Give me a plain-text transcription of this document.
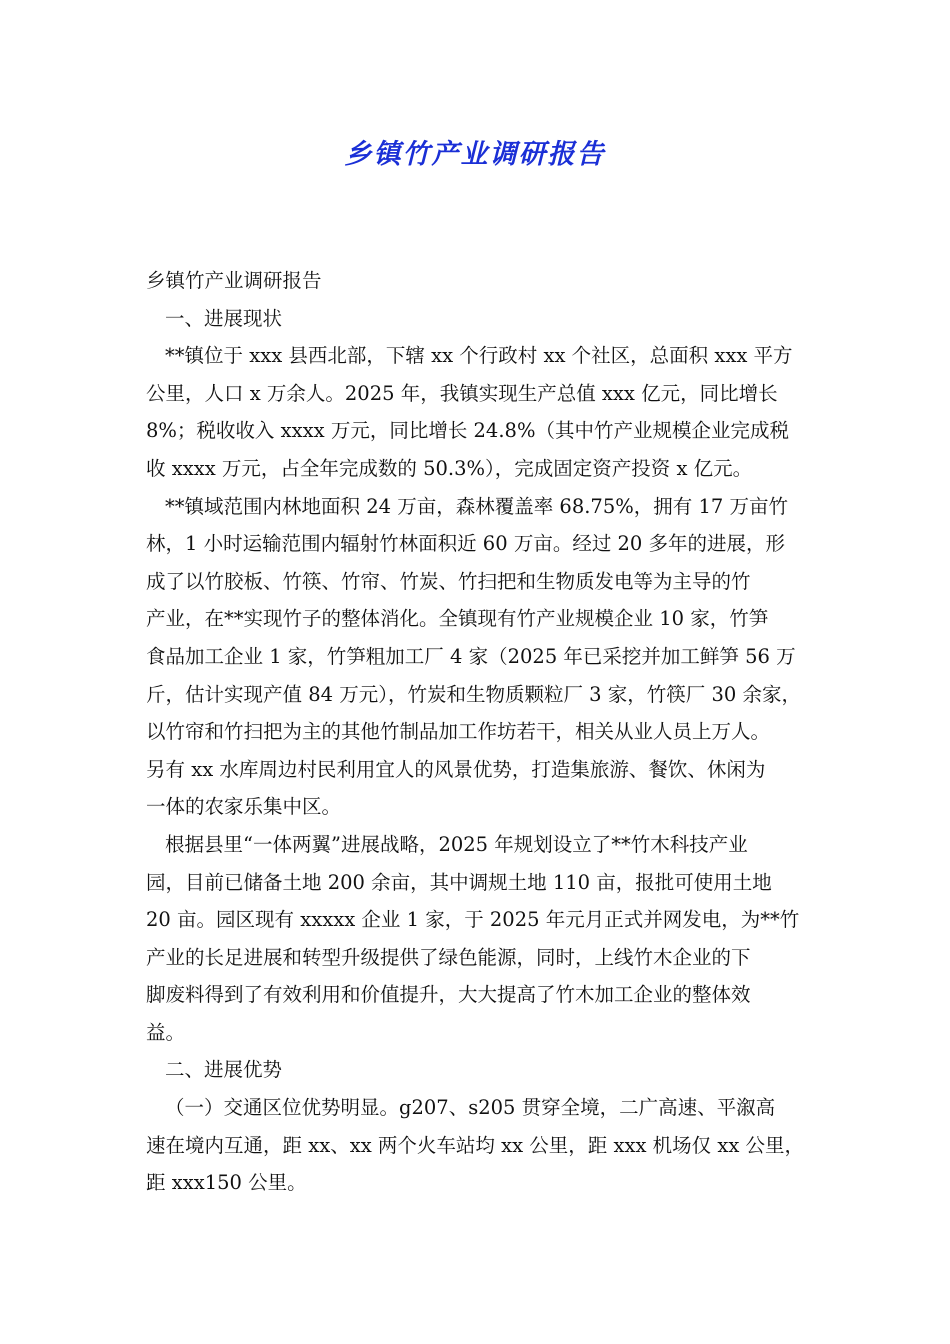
乡镇竹产业调研报告
乡镇竹产业调研报告
一、进展现状

**镇位于 xxx 县西北部，下辖 xx 个行政村 xx 个社区，总面积 xxx 平方
公里，人口 x 万余人。2025 年，我镇实现生产总值 xxx 亿元，同比增长
8%；税收收入 xxxx 万元，同比增长 24.8%（其中竹产业规模企业完成税
收 xxxx 万元，占全年完成数的 50.3%），完成固定资产投资 x 亿元。

**镇域范围内林地面积 24 万亩，森林覆盖率 68.75%，拥有 17 万亩竹
林，1 小时运输范围内辐射竹林面积近 60 万亩。经过 20 多年的进展，形
成了以竹胶板、竹筷、竹帘、竹炭、竹扫把和生物质发电等为主导的竹
产业，在**实现竹子的整体消化。全镇现有竹产业规模企业 10 家，竹笋
食品加工企业 1 家，竹笋粗加工厂 4 家（2025 年已采挖并加工鲜笋 56 万
斤，估计实现产值 84 万元），竹炭和生物质颗粒厂 3 家，竹筷厂 30 余家，
以竹帘和竹扫把为主的其他竹制品加工作坊若干，相关从业人员上万人。
另有 xx 水库周边村民利用宜人的风景优势，打造集旅游、餐饮、休闲为
一体的农家乐集中区。

根据县里“一体两翼”进展战略，2025 年规划设立了**竹木科技产业
园，目前已储备土地 200 余亩，其中调规土地 110 亩，报批可使用土地
20 亩。园区现有 xxxxx 企业 1 家，于 2025 年元月正式并网发电，为**竹
产业的长足进展和转型升级提供了绿色能源，同时，上线竹木企业的下
脚废料得到了有效利用和价值提升，大大提高了竹木加工企业的整体效
益。

二、进展优势

（一）交通区位优势明显。g207、s205 贯穿全境，二广高速、平溆高
速在境内互通，距 xx、xx 两个火车站均 xx 公里，距 xxx 机场仅 xx 公里，
距 xxx150 公里。
